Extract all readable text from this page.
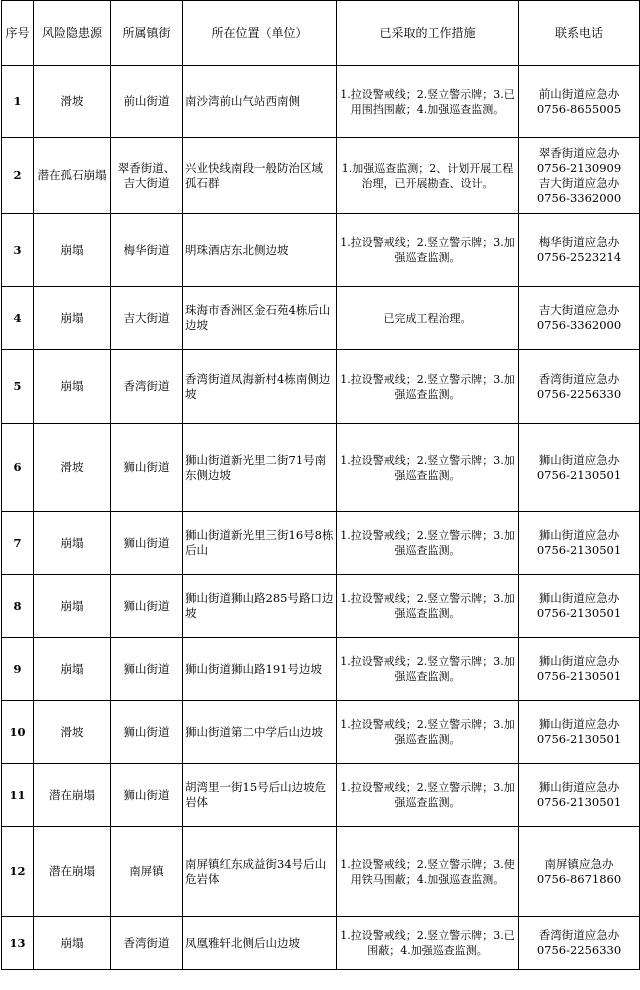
序号	风险隐患源	所属镇街	所在位置（单位）	已采取的工作措施	联系电话
1	滑坡	前山街道	南沙湾前山气站西南侧	1.拉设警戒线；2.竖立警示牌；3.已用围挡围蔽；4.加强巡查监测。	前山街道应急办
0756-8655005

2	潜在孤石崩塌	翠香街道、吉大街道	兴业快线南段一般防治区域孤石群	1.加强巡查监测；2、计划开展工程治理，已开展勘查、设计。	翠香街道应急办
0756-2130909
吉大街道应急办
0756-3362000

3	崩塌	梅华街道	明珠酒店东北侧边坡	1.拉设警戒线；2.竖立警示牌；3.加强巡查监测。	梅华街道应急办
0756-2523214

4	崩塌	吉大街道	珠海市香洲区金石苑4栋后山边坡	已完成工程治理。	吉大街道应急办
0756-3362000

5	崩塌	香湾街道	香湾街道凤海新村4栋南侧边坡	1.拉设警戒线；2.竖立警示牌；3.加强巡查监测。	香湾街道应急办
0756-2256330

6	滑坡	狮山街道	狮山街道新光里二街71号南东侧边坡	1.拉设警戒线；2.竖立警示牌；3.加强巡查监测。	狮山街道应急办
0756-2130501

7	崩塌	狮山街道	狮山街道新光里三街16号8栋后山	1.拉设警戒线；2.竖立警示牌；3.加强巡查监测。	狮山街道应急办
0756-2130501

8	崩塌	狮山街道	狮山街道狮山路285号路口边坡	1.拉设警戒线；2.竖立警示牌；3.加强巡查监测。	狮山街道应急办
0756-2130501

9	崩塌	狮山街道	狮山街道狮山路191号边坡	1.拉设警戒线；2.竖立警示牌；3.加强巡查监测。	狮山街道应急办
0756-2130501

10	滑坡	狮山街道	狮山街道第二中学后山边坡	1.拉设警戒线；2.竖立警示牌；3.加强巡查监测。	狮山街道应急办
0756-2130501

11	潜在崩塌	狮山街道	胡湾里一街15号后山边坡危岩体	1.拉设警戒线；2.竖立警示牌；3.加强巡查监测。	狮山街道应急办
0756-2130501

12	潜在崩塌	南屏镇	南屏镇红东成益街34号后山危岩体	1.拉设警戒线；2.竖立警示牌；3.使用铁马围蔽；4.加强巡查监测。	南屏镇应急办
0756-8671860

13	崩塌	香湾街道	凤凰雅轩北侧后山边坡	1.拉设警戒线；2.竖立警示牌；3.已围蔽；4.加强巡查监测。	香湾街道应急办
0756-2256330
